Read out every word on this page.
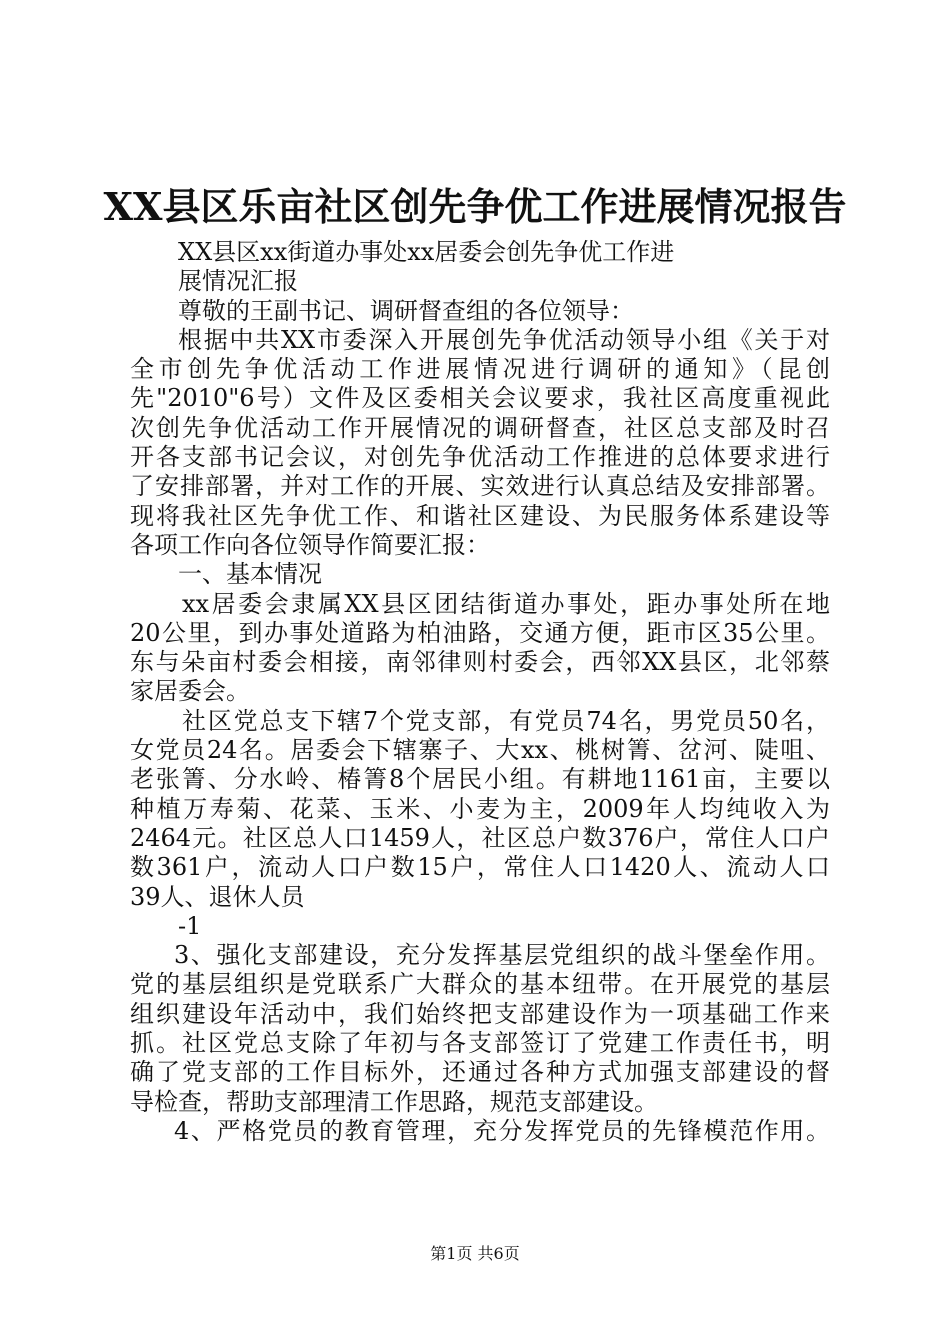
XX县区乐亩社区创先争优工作进展情况报告
XX县区xx街道办事处xx居委会创先争优工作进
展情况汇报
尊敬的王副书记、调研督查组的各位领导：
根据中共XX市委深入开展创先争优活动领导小组《关于对
全市创先争优活动工作进展情况进行调研的通知》（昆创
先"2010"6号）文件及区委相关会议要求，我社区高度重视此
次创先争优活动工作开展情况的调研督查，社区总支部及时召
开各支部书记会议，对创先争优活动工作推进的总体要求进行
了安排部署，并对工作的开展、实效进行认真总结及安排部署。
现将我社区先争优工作、和谐社区建设、为民服务体系建设等
各项工作向各位领导作简要汇报：
一、基本情况
xx居委会隶属XX县区团结街道办事处，距办事处所在地
20公里，到办事处道路为柏油路，交通方便，距市区35公里。
东与朵亩村委会相接，南邻律则村委会，西邻XX县区，北邻蔡
家居委会。
社区党总支下辖7个党支部，有党员74名，男党员50名，
女党员24名。居委会下辖寨子、大xx、桃树箐、岔河、陡咀、
老张箐、分水岭、椿箐8个居民小组。有耕地1161亩，主要以
种植万寿菊、花菜、玉米、小麦为主，2009年人均纯收入为
2464元。社区总人口1459人，社区总户数376户，常住人口户
数361户，流动人口户数15户，常住人口1420人、流动人口
39人、退休人员
-1
3、强化支部建设，充分发挥基层党组织的战斗堡垒作用。
党的基层组织是党联系广大群众的基本纽带。在开展党的基层
组织建设年活动中，我们始终把支部建设作为一项基础工作来
抓。社区党总支除了年初与各支部签订了党建工作责任书，明
确了党支部的工作目标外，还通过各种方式加强支部建设的督
导检查，帮助支部理清工作思路，规范支部建设。
4、严格党员的教育管理，充分发挥党员的先锋模范作用。
第1页 共6页
